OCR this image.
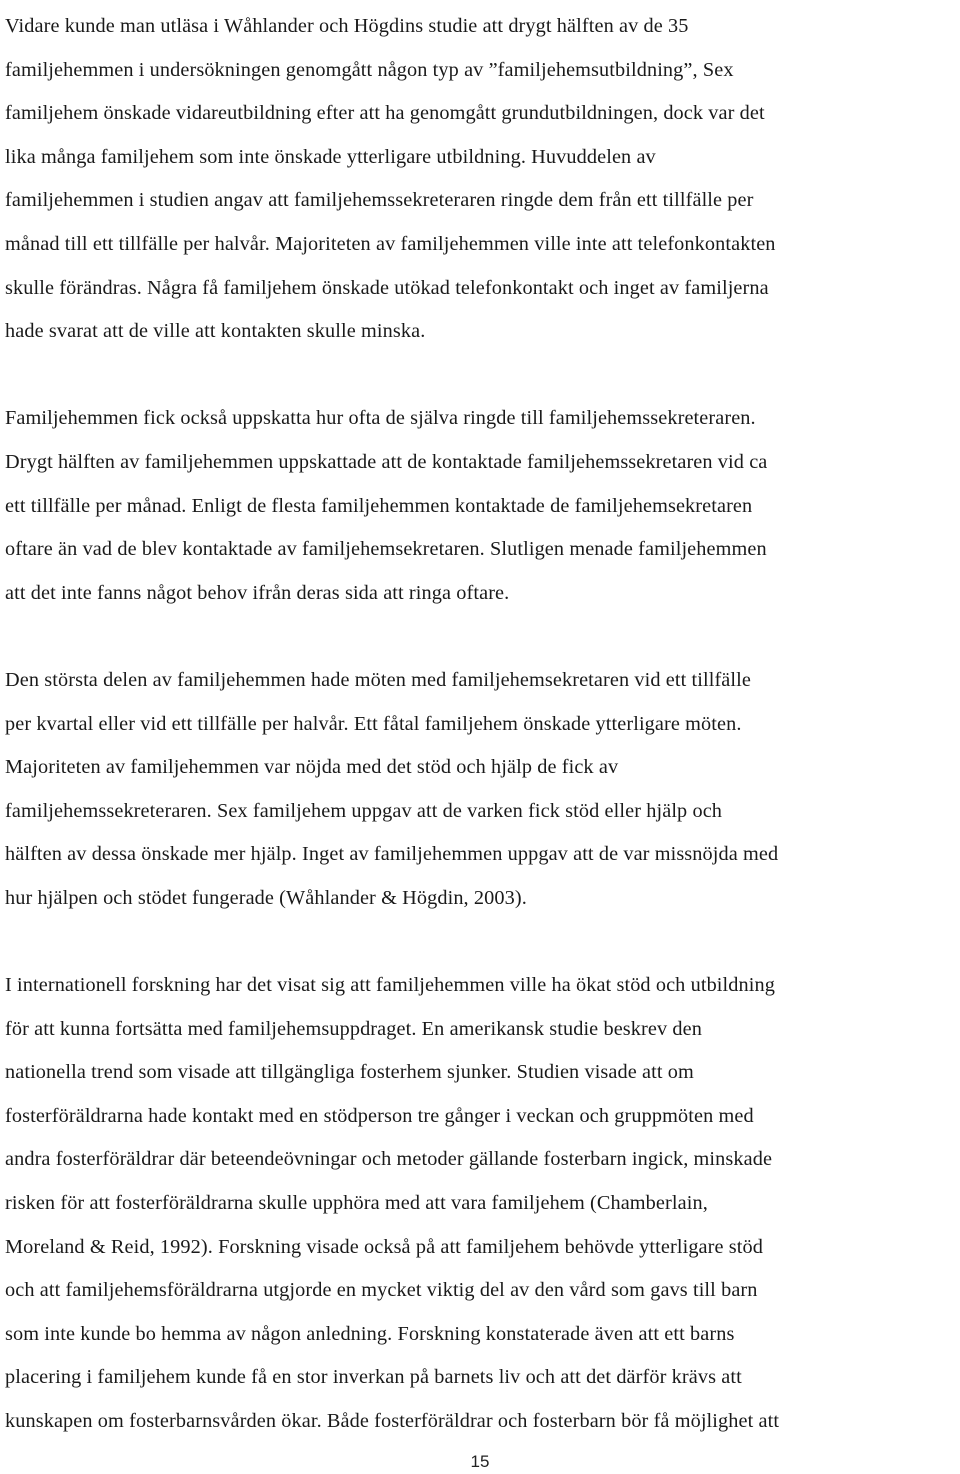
Vidare kunde man utläsa i Wåhlander och Högdins studie att drygt hälften av de 35
familjehemmen i undersökningen genomgått någon typ av ”familjehemsutbildning”, Sex
familjehem önskade vidareutbildning efter att ha genomgått grundutbildningen, dock var det
lika många familjehem som inte önskade ytterligare utbildning. Huvuddelen av
familjehemmen i studien angav att familjehemssekreteraren ringde dem från ett tillfälle per
månad till ett tillfälle per halvår. Majoriteten av familjehemmen ville inte att telefonkontakten
skulle förändras. Några få familjehem önskade utökad telefonkontakt och inget av familjerna
hade svarat att de ville att kontakten skulle minska.

Familjehemmen fick också uppskatta hur ofta de själva ringde till familjehemssekreteraren.
Drygt hälften av familjehemmen uppskattade att de kontaktade familjehemssekretaren vid ca
ett tillfälle per månad. Enligt de flesta familjehemmen kontaktade de familjehemsekretaren
oftare än vad de blev kontaktade av familjehemsekretaren. Slutligen menade familjehemmen
att det inte fanns något behov ifrån deras sida att ringa oftare.

Den största delen av familjehemmen hade möten med familjehemsekretaren vid ett tillfälle
per kvartal eller vid ett tillfälle per halvår. Ett fåtal familjehem önskade ytterligare möten.
Majoriteten av familjehemmen var nöjda med det stöd och hjälp de fick av
familjehemssekreteraren. Sex familjehem uppgav att de varken fick stöd eller hjälp och
hälften av dessa önskade mer hjälp. Inget av familjehemmen uppgav att de var missnöjda med
hur hjälpen och stödet fungerade (Wåhlander & Högdin, 2003).

I internationell forskning har det visat sig att familjehemmen ville ha ökat stöd och utbildning
för att kunna fortsätta med familjehemsuppdraget. En amerikansk studie beskrev den
nationella trend som visade att tillgängliga fosterhem sjunker. Studien visade att om
fosterföräldrarna hade kontakt med en stödperson tre gånger i veckan och gruppmöten med
andra fosterföräldrar där beteendeövningar och metoder gällande fosterbarn ingick, minskade
risken för att fosterföräldrarna skulle upphöra med att vara familjehem (Chamberlain,
Moreland & Reid, 1992). Forskning visade också på att familjehem behövde ytterligare stöd
och att familjehemsföräldrarna utgjorde en mycket viktig del av den vård som gavs till barn
som inte kunde bo hemma av någon anledning. Forskning konstaterade även att ett barns
placering i familjehem kunde få en stor inverkan på barnets liv och att det därför krävs att
kunskapen om fosterbarnsvården ökar. Både fosterföräldrar och fosterbarn bör få möjlighet att

15
